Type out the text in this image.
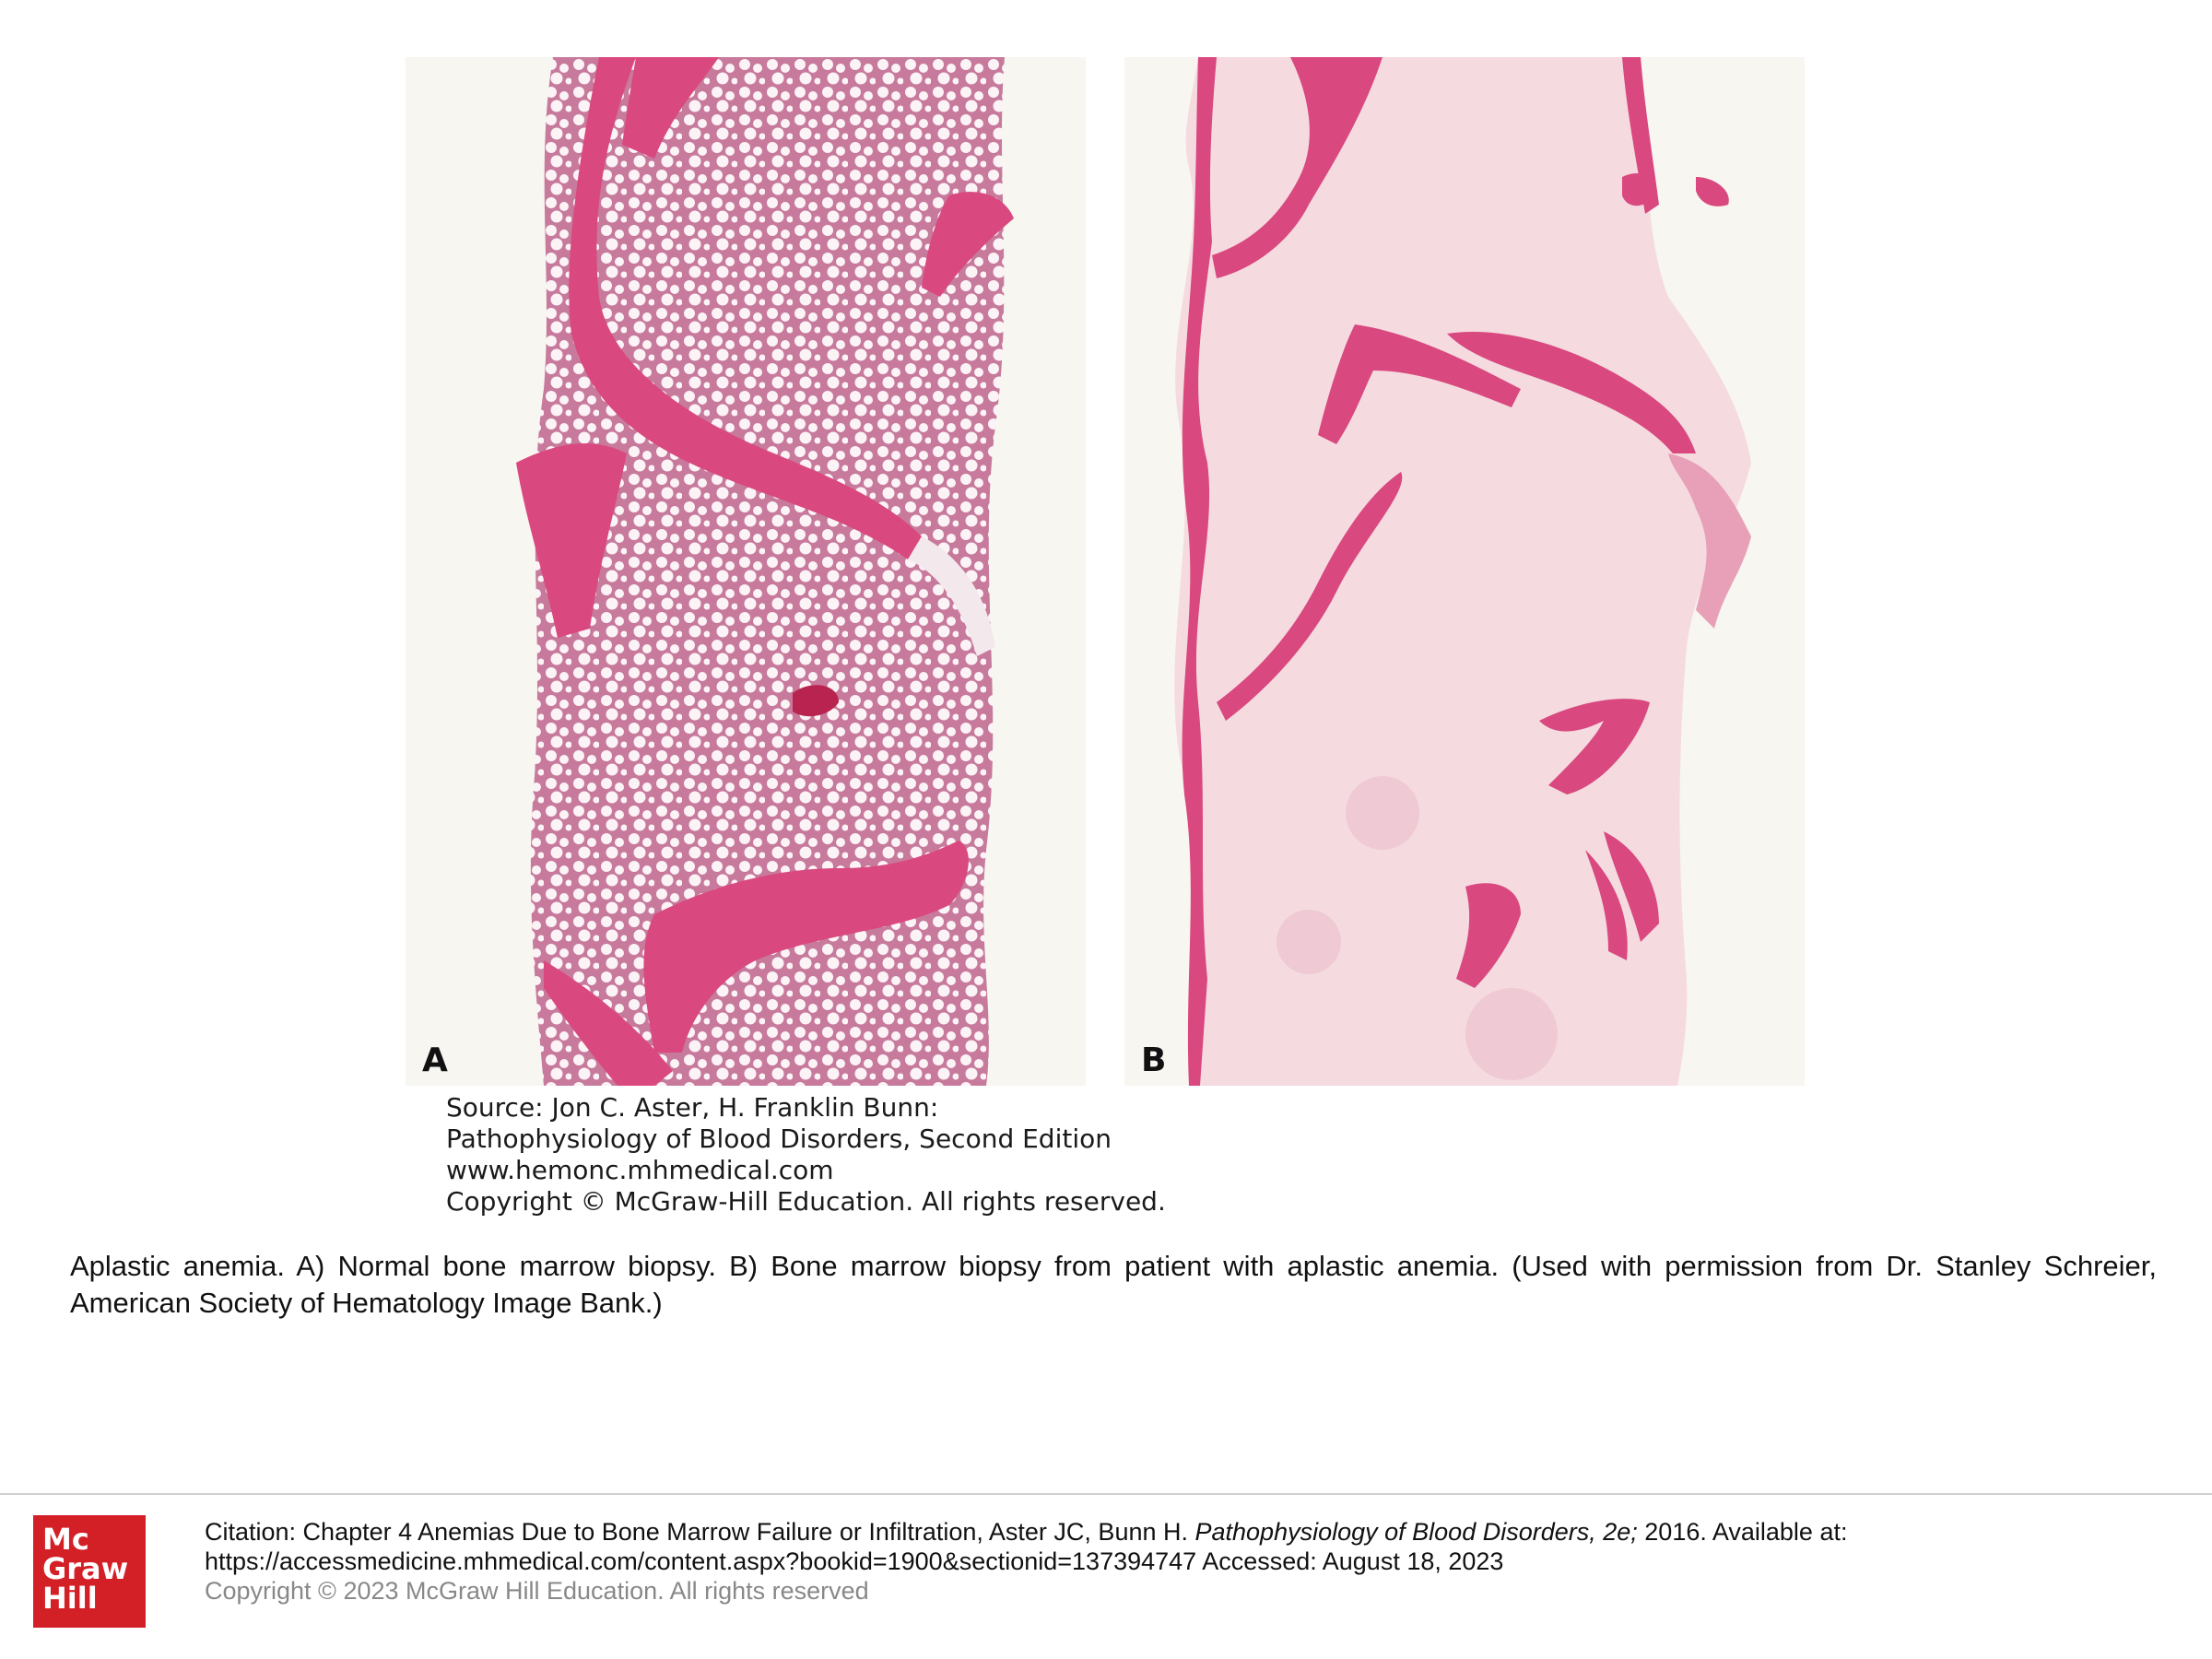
A	B
Source: Jon C. Aster, H. Franklin Bunn:
Pathophysiology of Blood Disorders, Second Edition
www.hemonc.mhmedical.com
Copyright © McGraw-Hill Education. All rights reserved.
Aplastic anemia. A) Normal bone marrow biopsy. B) Bone marrow biopsy from patient with aplastic anemia. (Used with permission from Dr. Stanley Schreier, American Society of Hematology Image Bank.)
Mc
Graw
Hill
Citation: Chapter 4 Anemias Due to Bone Marrow Failure or Infiltration, Aster JC, Bunn H. Pathophysiology of Blood Disorders, 2e; 2016. Available at:
https://accessmedicine.mhmedical.com/content.aspx?bookid=1900&sectionid=137394747 Accessed: August 18, 2023
Copyright © 2023 McGraw Hill Education. All rights reserved
